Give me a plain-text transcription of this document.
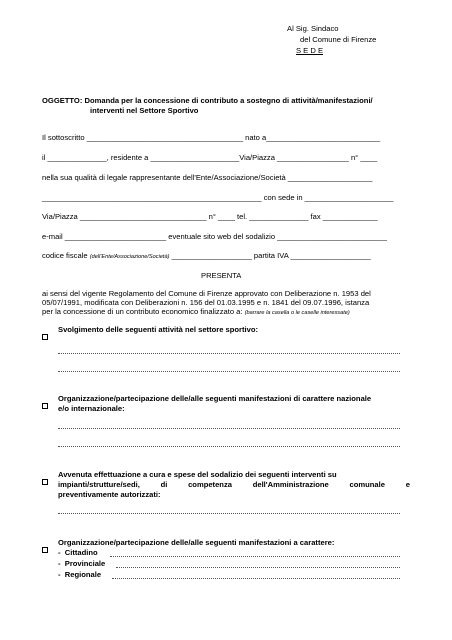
Al Sig. Sindaco
del Comune di Firenze
S E D E
OGGETTO: Domanda per la concessione di contributo a sostegno di attività/manifestazioni/
interventi nel Settore Sportivo
Il sottoscritto _____________________________________ nato a___________________________
il ______________, residente a _____________________Via/Piazza _________________ n° ____
nella sua qualità di legale rappresentante dell'Ente/Associazione/Società ____________________
____________________________________________________ con sede in _____________________
Via/Piazza ______________________________ n° ____ tel. ______________ fax _____________
e-mail ________________________ eventuale sito web del sodalizio __________________________
codice fiscale (dell'Ente/Associazione/Società) ___________________ partita IVA ___________________
PRESENTA
ai sensi del vigente Regolamento del Comune di Firenze approvato con Deliberazione n. 1953 del
05/07/1991, modificata con Deliberazioni n. 156 del 01.03.1995 e n. 1841 del 09.07.1996, istanza
per la concessione di un contributo economico finalizzato a: (barrare la casella o le caselle interessate)
Svolgimento delle seguenti attività nel settore sportivo:
Organizzazione/partecipazione delle/alle seguenti manifestazioni di carattere nazionale
e/o internazionale:
Avvenuta effettuazione a cura e spese del sodalizio dei seguenti interventi su
impianti/strutture/sedi,	di	competenza	dell'Amministrazione	comunale	e
preventivamente autorizzati:
Organizzazione/partecipazione delle/alle seguenti manifestazioni a carattere:
-  Cittadino
-  Provinciale
-  Regionale
